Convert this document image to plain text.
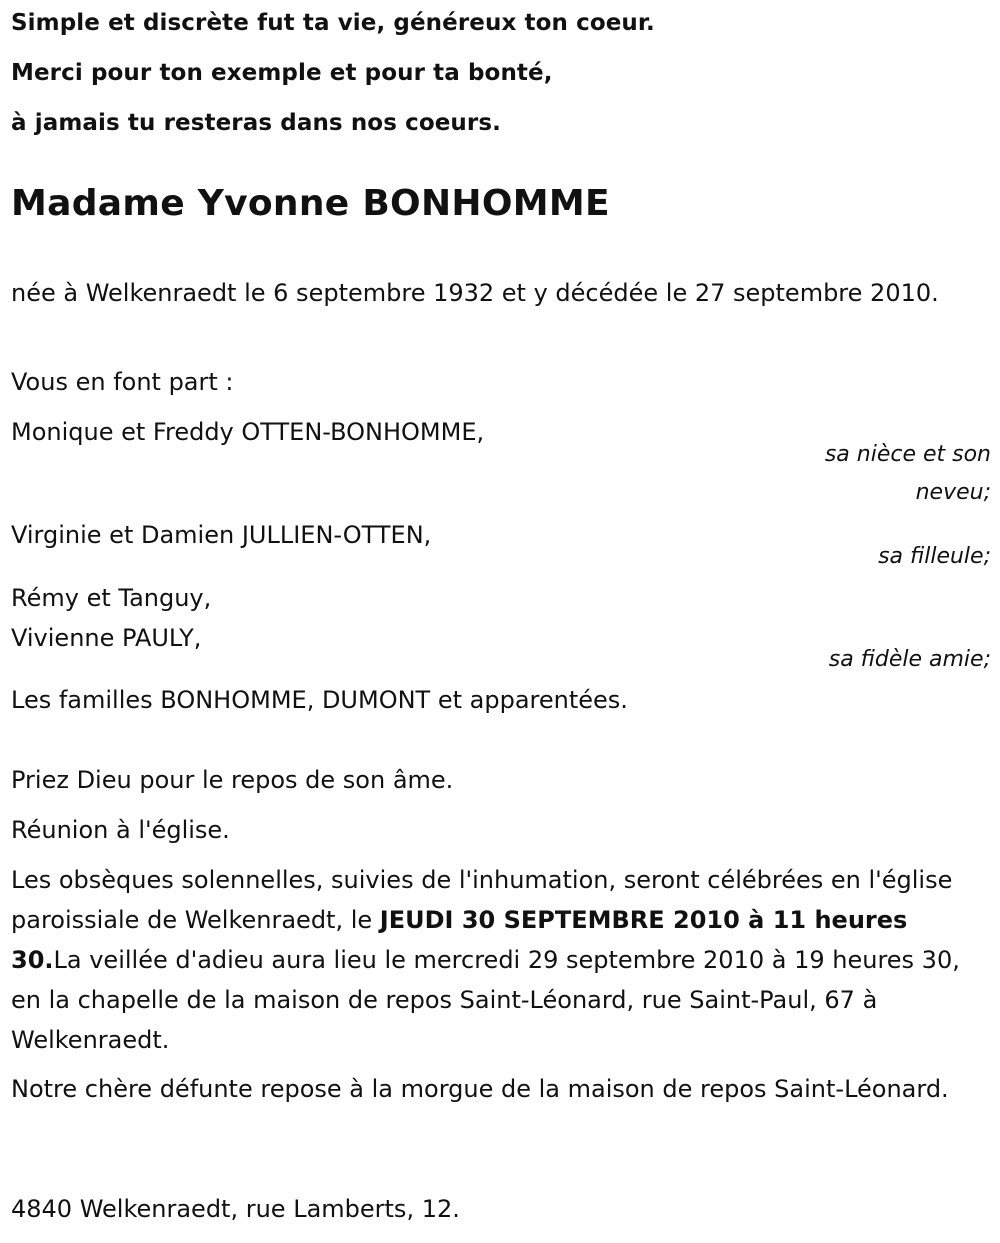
Simple et discrète fut ta vie, généreux ton coeur.

Merci pour ton exemple et pour ta bonté,

à jamais tu resteras dans nos coeurs.

Madame Yvonne BONHOMME

née à Welkenraedt le 6 septembre 1932 et y décédée le 27 septembre 2010.

Vous en font part :

Monique et Freddy OTTEN-BONHOMME,

sa nièce et son neveu;

Virginie et Damien JULLIEN-OTTEN,

sa filleule;

Rémy et Tanguy,

Vivienne PAULY,

sa fidèle amie;

Les familles BONHOMME, DUMONT et apparentées.

Priez Dieu pour le repos de son âme.

Réunion à l'église.

Les obsèques solennelles, suivies de l'inhumation, seront célébrées en l'église paroissiale de Welkenraedt, le JEUDI 30 SEPTEMBRE 2010 à 11 heures 30.La veillée d'adieu aura lieu le mercredi 29 septembre 2010 à 19 heures 30, en la chapelle de la maison de repos Saint-Léonard, rue Saint-Paul, 67 à Welkenraedt.

Notre chère défunte repose à la morgue de la maison de repos Saint-Léonard.

4840 Welkenraedt, rue Lamberts, 12.
